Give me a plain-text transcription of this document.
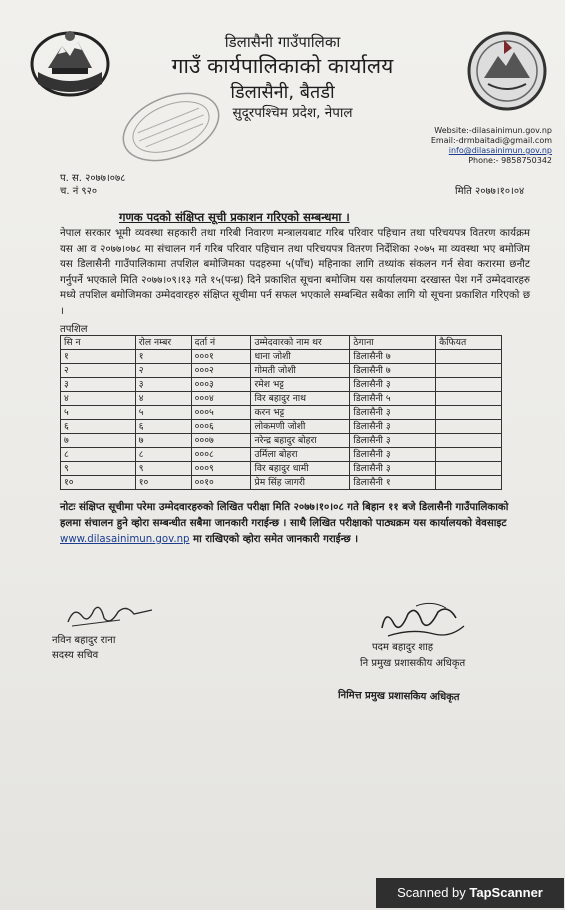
डिलासैनी गाउँपालिका
गाउँ कार्यपालिकाको कार्यालय
डिलासैनी, बैतडी
सुदूरपश्चिम प्रदेश, नेपाल
Website:-dilasainimun.gov.np
Email:-drmbaitadi@gmail.com
info@dilasainimun.gov.np
Phone:- 9858750342
प. स. २०७७।०७८
च. नं ९२०	मिति २०७७।१०।०४
गणक पदको संक्षिप्त सूची प्रकाशन गरिएको सम्बन्धमा ।
नेपाल सरकार भूमी व्यवस्था सहकारी तथा गरिबी निवारण मन्त्रालयबाट गरिब परिवार पहिचान तथा परिचयपत्र वितरण कार्यक्रम यस आ व २०७७।०७८ मा संचालन गर्न गरिब परिवार पहिचान तथा परिचयपत्र वितरण निर्देशिका २०७५ मा व्यवस्था भए बमोजिम यस डिलासैनी गाउँपालिकामा तपशिल बमोजिमका पदहरुमा ५(पाँच) महिनाका लागि तथ्यांक संकलन गर्न सेवा करारमा छनौट गर्नुपर्ने भएकाले मिति २०७७।०९।१३ गते १५(पन्ध्र) दिने प्रकाशित सूचना बमोजिम यस कार्यालयमा दरखास्त पेश गर्ने उम्मेदवारहरु मध्ये तपशिल बमोजिमका उम्मेदवारहरु संक्षिप्त सूचीमा पर्न सफल भएकाले सम्बन्धित सबैका लागि यो सूचना प्रकाशित गरिएको छ ।
तपशिल
सि न	रोल नम्बर	दर्ता नं	उम्मेदवारको नाम थर	ठेगाना	कैफियत
१	१	०००१	धाना जोशी	डिलासैनी ७	
२	२	०००२	गोमती जोशी	डिलासैनी ७	
३	३	०००३	रमेश भट्ट	डिलासैनी ३	
४	४	०००४	विर बहादुर नाथ	डिलासैनी ५	
५	५	०००५	करन भट्ट	डिलासैनी ३	
६	६	०००६	लोकमणी जोशी	डिलासैनी ३	
७	७	०००७	नरेन्द्र बहादुर बोहरा	डिलासैनी ३	
८	८	०००८	उर्मिला बोहरा	डिलासैनी ३	
९	९	०००९	विर बहादुर धामी	डिलासैनी ३	
१०	१०	००१०	प्रेम सिंह जागरी	डिलासैनी १	
नोटः संक्षिप्त सूचीमा परेमा उम्मेदवारहरुको लिखित परीक्षा मिति २०७७।१०।०८ गते बिहान ११ बजे डिलासैनी गाउँपालिकाको हलमा संचालन हुने व्होरा सम्बन्धीत सबैमा जानकारी गराईन्छ । साथै लिखित परीक्षाको पाठ्यक्रम यस कार्यालयको वेवसाइट www.dilasainimun.gov.np मा राखिएको व्होरा समेत जानकारी गराईन्छ ।
नविन बहादुर राना
सदस्य सचिव
पदम बहादुर शाह
नि प्रमुख प्रशासकीय अधिकृत
निमित्त प्रमुख प्रशासकिय अधिकृत
Scanned by TapScanner
